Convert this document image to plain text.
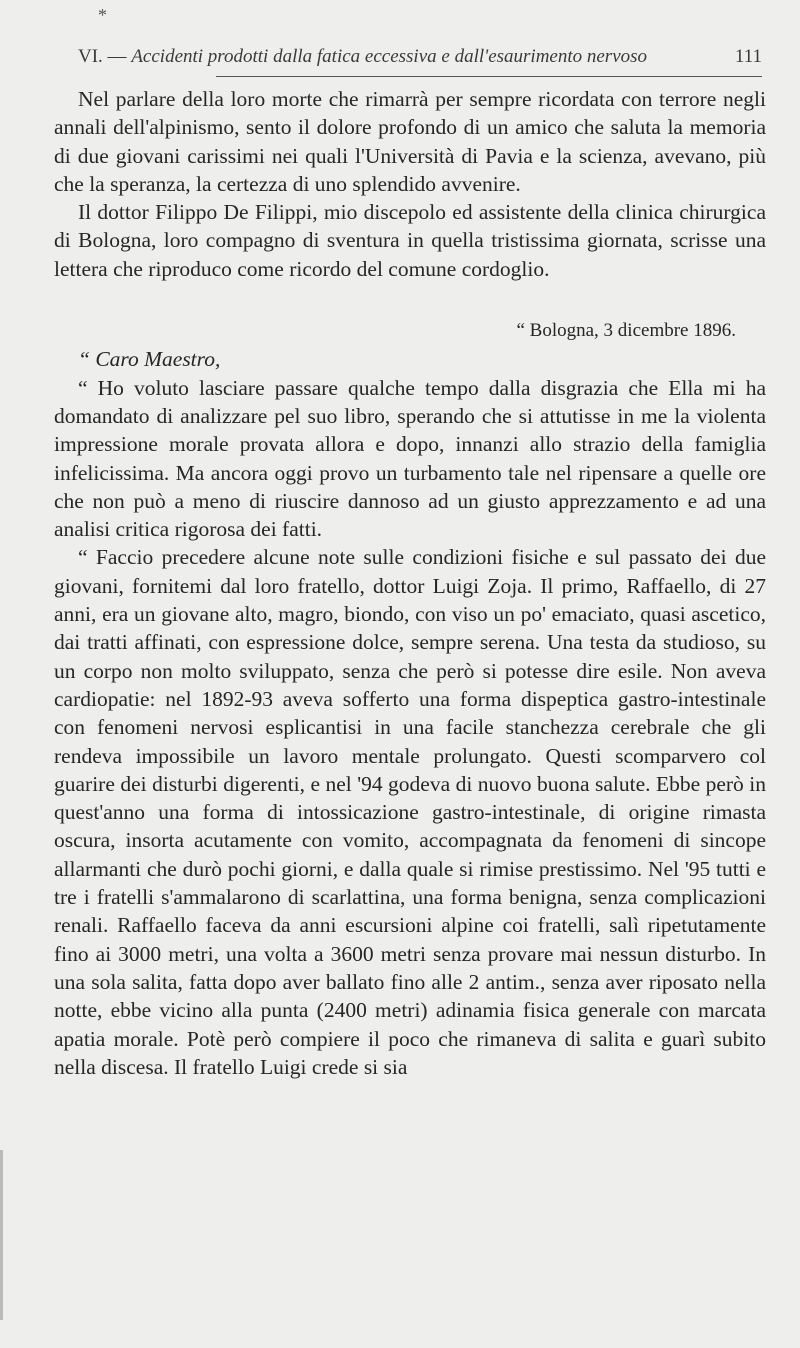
*
VI. — Accidenti prodotti dalla fatica eccessiva e dall'esaurimento nervoso	111

Nel parlare della loro morte che rimarrà per sempre ricordata con terrore negli annali dell'alpinismo, sento il dolore profondo di un amico che saluta la memoria di due giovani carissimi nei quali l'Università di Pavia e la scienza, avevano, più che la speranza, la certezza di uno splendido avvenire.

Il dottor Filippo De Filippi, mio discepolo ed assistente della clinica chirurgica di Bologna, loro compagno di sventura in quella tristissima giornata, scrisse una lettera che riproduco come ricordo del comune cordoglio.

“ Bologna, 3 dicembre 1896.

“ Caro Maestro,

“ Ho voluto lasciare passare qualche tempo dalla disgrazia che Ella mi ha domandato di analizzare pel suo libro, sperando che si attutisse in me la violenta impressione morale provata allora e dopo, innanzi allo strazio della famiglia infelicissima. Ma ancora oggi provo un turbamento tale nel ripensare a quelle ore che non può a meno di riuscire dannoso ad un giusto apprezzamento e ad una analisi critica rigorosa dei fatti.

“ Faccio precedere alcune note sulle condizioni fisiche e sul passato dei due giovani, fornitemi dal loro fratello, dottor Luigi Zoja. Il primo, Raffaello, di 27 anni, era un giovane alto, magro, biondo, con viso un po' emaciato, quasi ascetico, dai tratti affinati, con espressione dolce, sempre serena. Una testa da studioso, su un corpo non molto sviluppato, senza che però si potesse dire esile. Non aveva cardiopatie: nel 1892-93 aveva sofferto una forma dispeptica gastro-intestinale con fenomeni nervosi esplicantisi in una facile stanchezza cerebrale che gli rendeva impossibile un lavoro mentale prolungato. Questi scomparvero col guarire dei disturbi digerenti, e nel '94 godeva di nuovo buona salute. Ebbe però in quest'anno una forma di intossicazione gastro-intestinale, di origine rimasta oscura, insorta acutamente con vomito, accompagnata da fenomeni di sincope allarmanti che durò pochi giorni, e dalla quale si rimise prestissimo. Nel '95 tutti e tre i fratelli s'ammalarono di scarlattina, una forma benigna, senza complicazioni renali. Raffaello faceva da anni escursioni alpine coi fratelli, salì ripetutamente fino ai 3000 metri, una volta a 3600 metri senza provare mai nessun disturbo. In una sola salita, fatta dopo aver ballato fino alle 2 antim., senza aver riposato nella notte, ebbe vicino alla punta (2400 metri) adinamia fisica generale con marcata apatia morale. Potè però compiere il poco che rimaneva di salita e guarì subito nella discesa. Il fratello Luigi crede si sia
